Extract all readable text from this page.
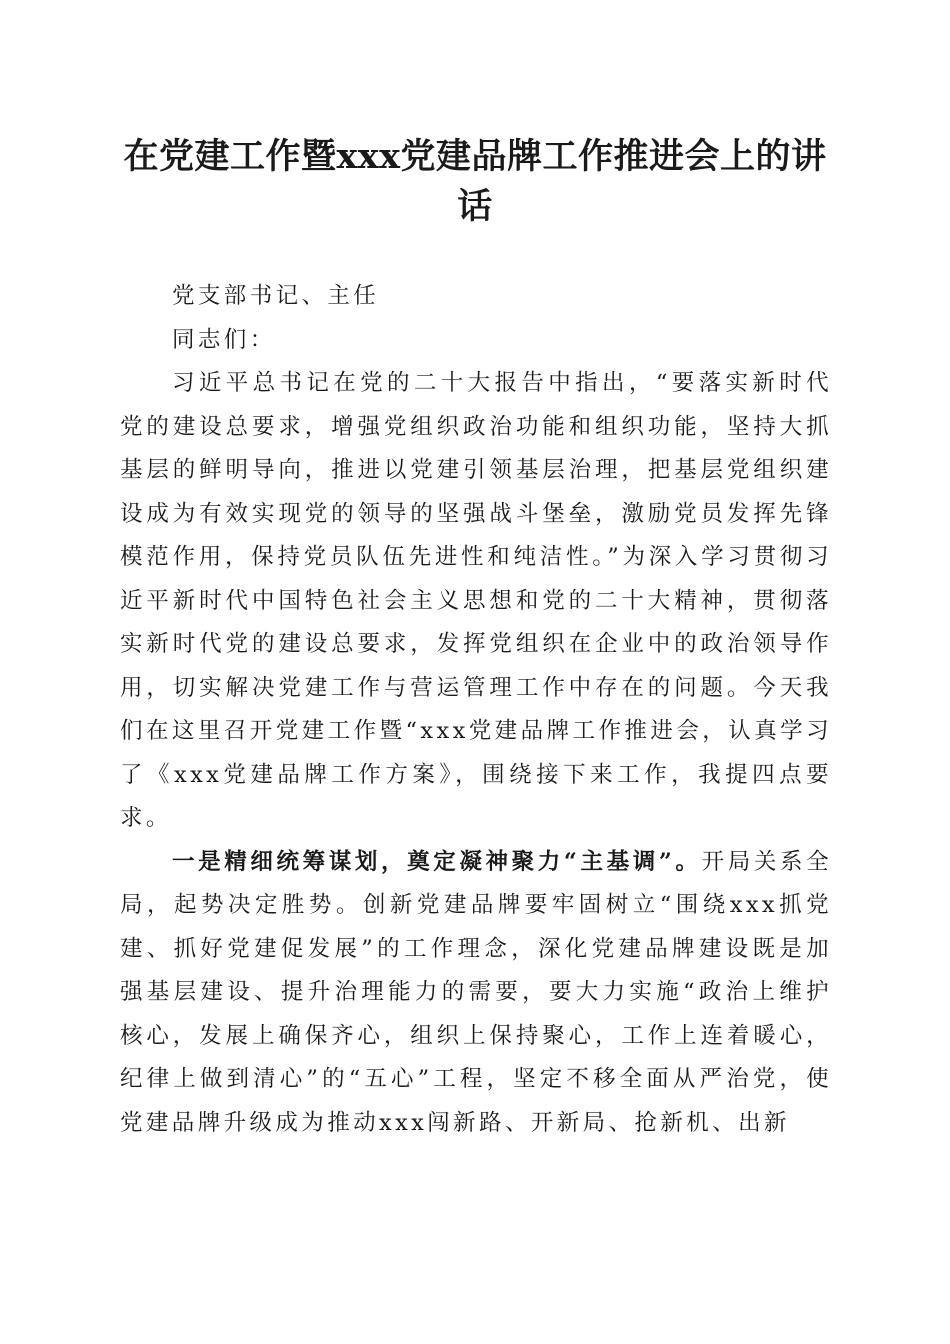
在党建工作暨xxx党建品牌工作推进会上的讲话

党支部书记、主任

同志们：

习近平总书记在党的二十大报告中指出，“要落实新时代党的建设总要求，增强党组织政治功能和组织功能，坚持大抓基层的鲜明导向，推进以党建引领基层治理，把基层党组织建设成为有效实现党的领导的坚强战斗堡垒，激励党员发挥先锋模范作用，保持党员队伍先进性和纯洁性。”为深入学习贯彻习近平新时代中国特色社会主义思想和党的二十大精神，贯彻落实新时代党的建设总要求，发挥党组织在企业中的政治领导作用，切实解决党建工作与营运管理工作中存在的问题。今天我们在这里召开党建工作暨“xxx党建品牌工作推进会，认真学习了《xxx党建品牌工作方案》，围绕接下来工作，我提四点要求。

一是精细统筹谋划，奠定凝神聚力“主基调”。开局关系全局，起势决定胜势。创新党建品牌要牢固树立“围绕xxx抓党建、抓好党建促发展”的工作理念，深化党建品牌建设既是加强基层建设、提升治理能力的需要，要大力实施“政治上维护核心，发展上确保齐心，组织上保持聚心，工作上连着暖心，纪律上做到清心”的“五心”工程，坚定不移全面从严治党，使党建品牌升级成为推动xxx闯新路、开新局、抢新机、出新
